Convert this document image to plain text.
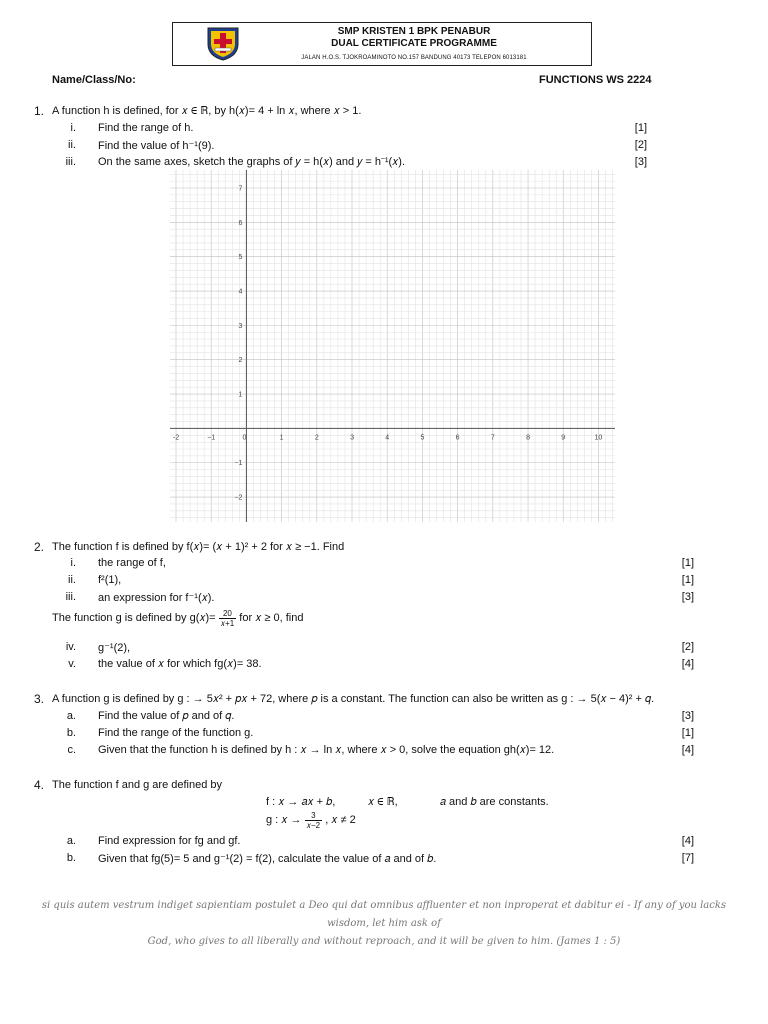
SMP KRISTEN 1 BPK PENABUR
DUAL CERTIFICATE PROGRAMME
JALAN H.O.S. TJOKROAMINOTO NO.157 BANDUNG 40173 TELEPON 6013181
Name/Class/No:	FUNCTIONS WS 2224
1. A function h is defined, for 𝑥 ∈ ℝ, by h(𝑥)= 4 + ln 𝑥, where 𝑥 > 1.
i. Find the range of h.	[1]
ii. Find the value of h⁻¹(9).	[2]
iii. On the same axes, sketch the graphs of 𝑦 = h(𝑥) and 𝑦 = h⁻¹(𝑥).	[3]
-2	−1	0	1	2	3	4	5	6	7	8	9	10
7
6
5
4
3
2
1
−1
−2
2. The function f is defined by f(𝑥)= (𝑥 + 1)² + 2 for 𝑥 ≥ −1. Find
i. the range of f,	[1]
ii. f²(1),	[1]
iii. an expression for f⁻¹(𝑥).	[3]
The function g is defined by g(𝑥)= $\frac{20}{\text{𝑥+1}}$ for 𝑥 ≥ 0, find
iv. g⁻¹(2),	[2]
v. the value of 𝑥 for which fg(𝑥)= 38.	[4]
3. A function g is defined by g : → 5𝑥² + 𝑝𝑥 + 72, where 𝑝 is a constant. The function can also be written as g : → 5(𝑥 − 4)² + 𝑞.
a. Find the value of 𝑝 and of 𝑞.	[3]
b. Find the range of the function g.	[1]
c. Given that the function h is defined by h : 𝑥 → ln 𝑥, where 𝑥 > 0, solve the equation gh(𝑥)= 12.	[4]
4. The function f and g are defined by
f : 𝑥 → 𝑎𝑥 + 𝑏,	𝑥 ∈ ℝ,	𝑎 and 𝑏 are constants.
g : 𝑥 → $\frac{3}{\text{𝑥−2}}$ , 𝑥 ≠ 2
a. Find expression for fg and gf.	[4]
b. Given that fg(5)= 5 and g⁻¹(2) = f(2), calculate the value of 𝑎 and of 𝑏.	[7]
si quis autem vestrum indiget sapientiam postulet a Deo qui dat omnibus affluenter et non inproperat et dabitur ei - If any of you lacks wisdom, let him ask of
God, who gives to all liberally and without reproach, and it will be given to him. (James 1 : 5)
